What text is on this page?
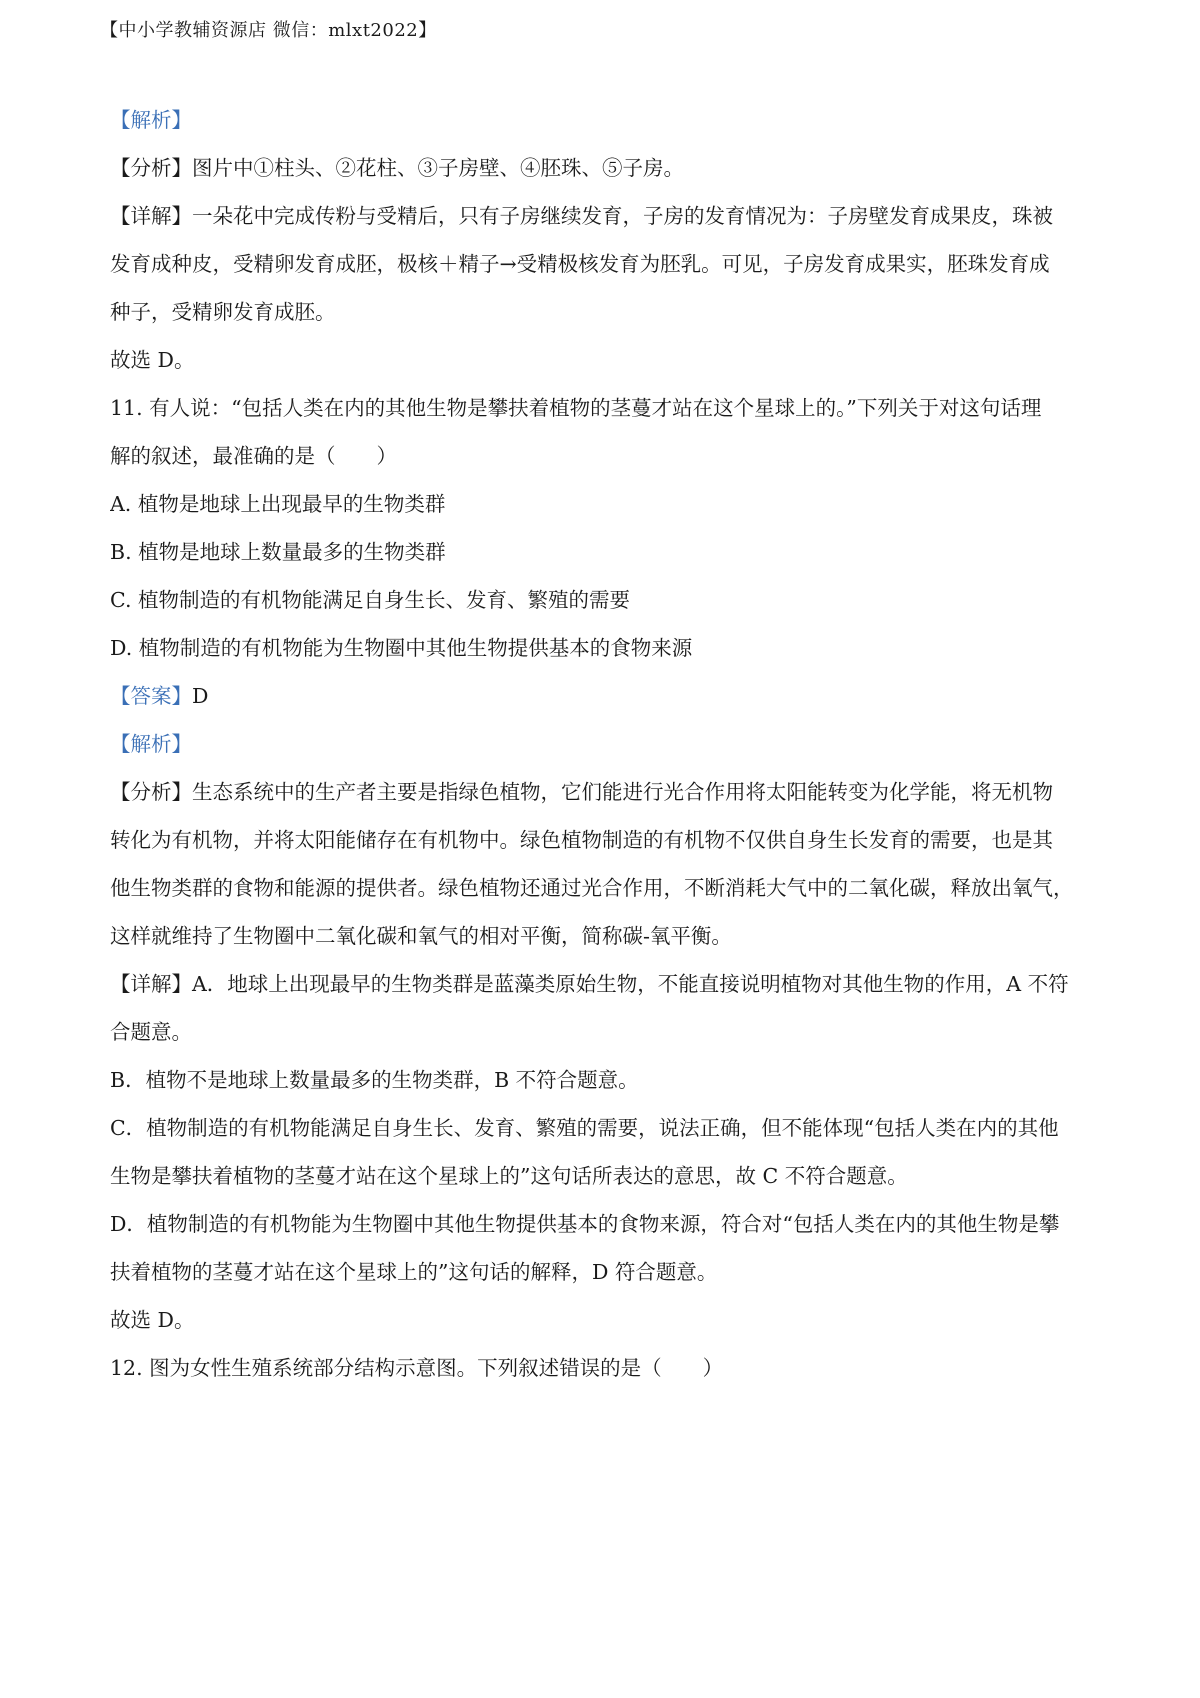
【中小学教辅资源店 微信：mlxt2022】
【解析】
【分析】图片中①柱头、②花柱、③子房壁、④胚珠、⑤子房。
【详解】一朵花中完成传粉与受精后，只有子房继续发育，子房的发育情况为：子房壁发育成果皮，珠被
发育成种皮，受精卵发育成胚，极核＋精子→受精极核发育为胚乳。可见，子房发育成果实，胚珠发育成
种子，受精卵发育成胚。
故选 D。
11. 有人说：“包括人类在内的其他生物是攀扶着植物的茎蔓才站在这个星球上的。”下列关于对这句话理
解的叙述，最准确的是（　　）
A. 植物是地球上出现最早的生物类群
B. 植物是地球上数量最多的生物类群
C. 植物制造的有机物能满足自身生长、发育、繁殖的需要
D. 植物制造的有机物能为生物圈中其他生物提供基本的食物来源
【答案】D
【解析】
【分析】生态系统中的生产者主要是指绿色植物，它们能进行光合作用将太阳能转变为化学能，将无机物
转化为有机物，并将太阳能储存在有机物中。绿色植物制造的有机物不仅供自身生长发育的需要，也是其
他生物类群的食物和能源的提供者。绿色植物还通过光合作用，不断消耗大气中的二氧化碳，释放出氧气，
这样就维持了生物圈中二氧化碳和氧气的相对平衡，简称碳-氧平衡。
【详解】A．地球上出现最早的生物类群是蓝藻类原始生物，不能直接说明植物对其他生物的作用，A 不符
合题意。
B．植物不是地球上数量最多的生物类群，B 不符合题意。
C．植物制造的有机物能满足自身生长、发育、繁殖的需要，说法正确，但不能体现“包括人类在内的其他
生物是攀扶着植物的茎蔓才站在这个星球上的”这句话所表达的意思，故 C 不符合题意。
D．植物制造的有机物能为生物圈中其他生物提供基本的食物来源，符合对“包括人类在内的其他生物是攀
扶着植物的茎蔓才站在这个星球上的”这句话的解释，D 符合题意。
故选 D。
12. 图为女性生殖系统部分结构示意图。下列叙述错误的是（　　）
